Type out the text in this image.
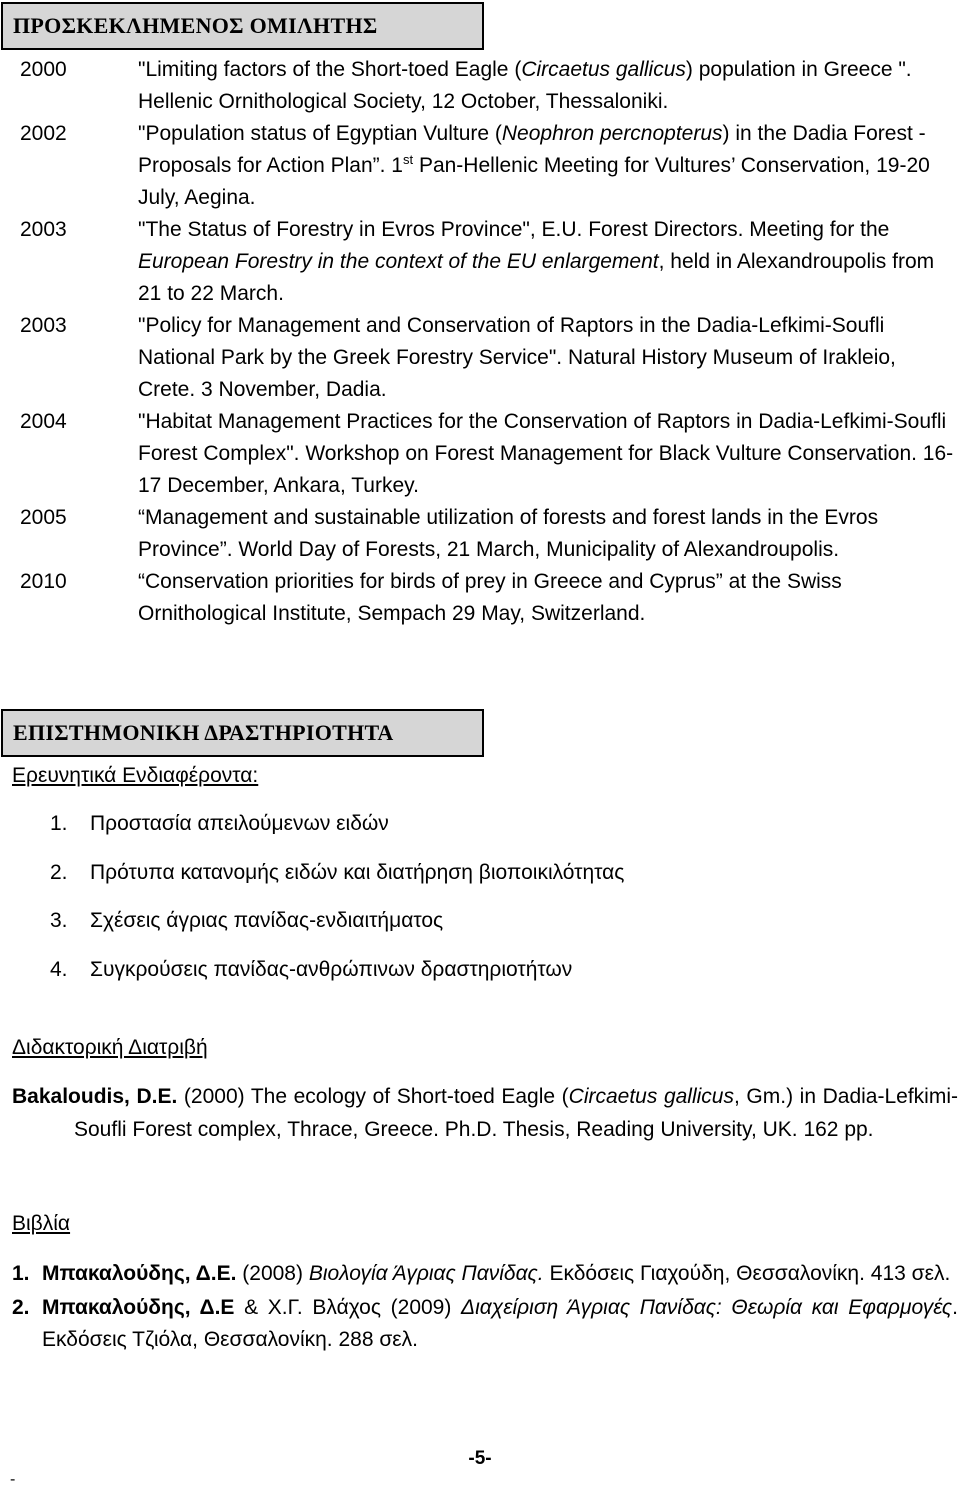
ΠΡΟΣΚΕΚΛΗΜΕΝΟΣ ΟΜΙΛΗΤΗΣ
2000	"Limiting factors of the Short-toed Eagle (Circaetus gallicus) population in Greece ". Hellenic Ornithological Society, 12 October, Thessaloniki.
2002	"Population status of Egyptian Vulture (Neophron percnopterus) in the Dadia Forest - Proposals for Action Plan”. 1st Pan-Hellenic Meeting for Vultures’ Conservation, 19-20 July, Aegina.
2003	"The Status of Forestry in Evros Province", E.U. Forest Directors. Meeting for the European Forestry in the context of the EU enlargement, held in Alexandroupolis from 21 to 22 March.
2003	"Policy for Management and Conservation of Raptors in the Dadia-Lefkimi-Soufli National Park by the Greek Forestry Service". Natural History Museum of Irakleio, Crete. 3 November, Dadia.
2004	"Habitat Management Practices for the Conservation of Raptors in Dadia-Lefkimi-Soufli Forest Complex". Workshop on Forest Management for Black Vulture Conservation. 16-17 December, Ankara, Turkey.
2005	“Management and sustainable utilization of forests and forest lands in the Evros Province”. World Day of Forests, 21 March, Municipality of Alexandroupolis.
2010	“Conservation priorities for birds of prey in Greece and Cyprus” at the Swiss Ornithological Institute, Sempach 29 May, Switzerland.
ΕΠΙΣΤΗΜΟΝΙΚΗ ΔΡΑΣΤΗΡΙΟΤΗΤΑ
Ερευνητικά Ενδιαφέροντα:
1.	Προστασία απειλούμενων ειδών
2.	Πρότυπα κατανομής ειδών και διατήρηση βιοποικιλότητας
3.	Σχέσεις άγριας πανίδας-ενδιαιτήματος
4.	Συγκρούσεις πανίδας-ανθρώπινων δραστηριοτήτων
Διδακτορική Διατριβή
Bakaloudis, D.E. (2000) The ecology of Short-toed Eagle (Circaetus gallicus, Gm.) in Dadia-Lefkimi-Soufli Forest complex, Thrace, Greece. Ph.D. Thesis, Reading University, UK. 162 pp.
Βιβλία
1. Μπακαλούδης, Δ.Ε. (2008) Βιολογία Άγριας Πανίδας. Εκδόσεις Γιαχούδη, Θεσσαλονίκη. 413 σελ.
2. Μπακαλούδης, Δ.Ε & Χ.Γ. Βλάχος (2009) Διαχείριση Άγριας Πανίδας: Θεωρία και Εφαρμογές. Εκδόσεις Τζιόλα, Θεσσαλονίκη. 288 σελ.
-5-
-
